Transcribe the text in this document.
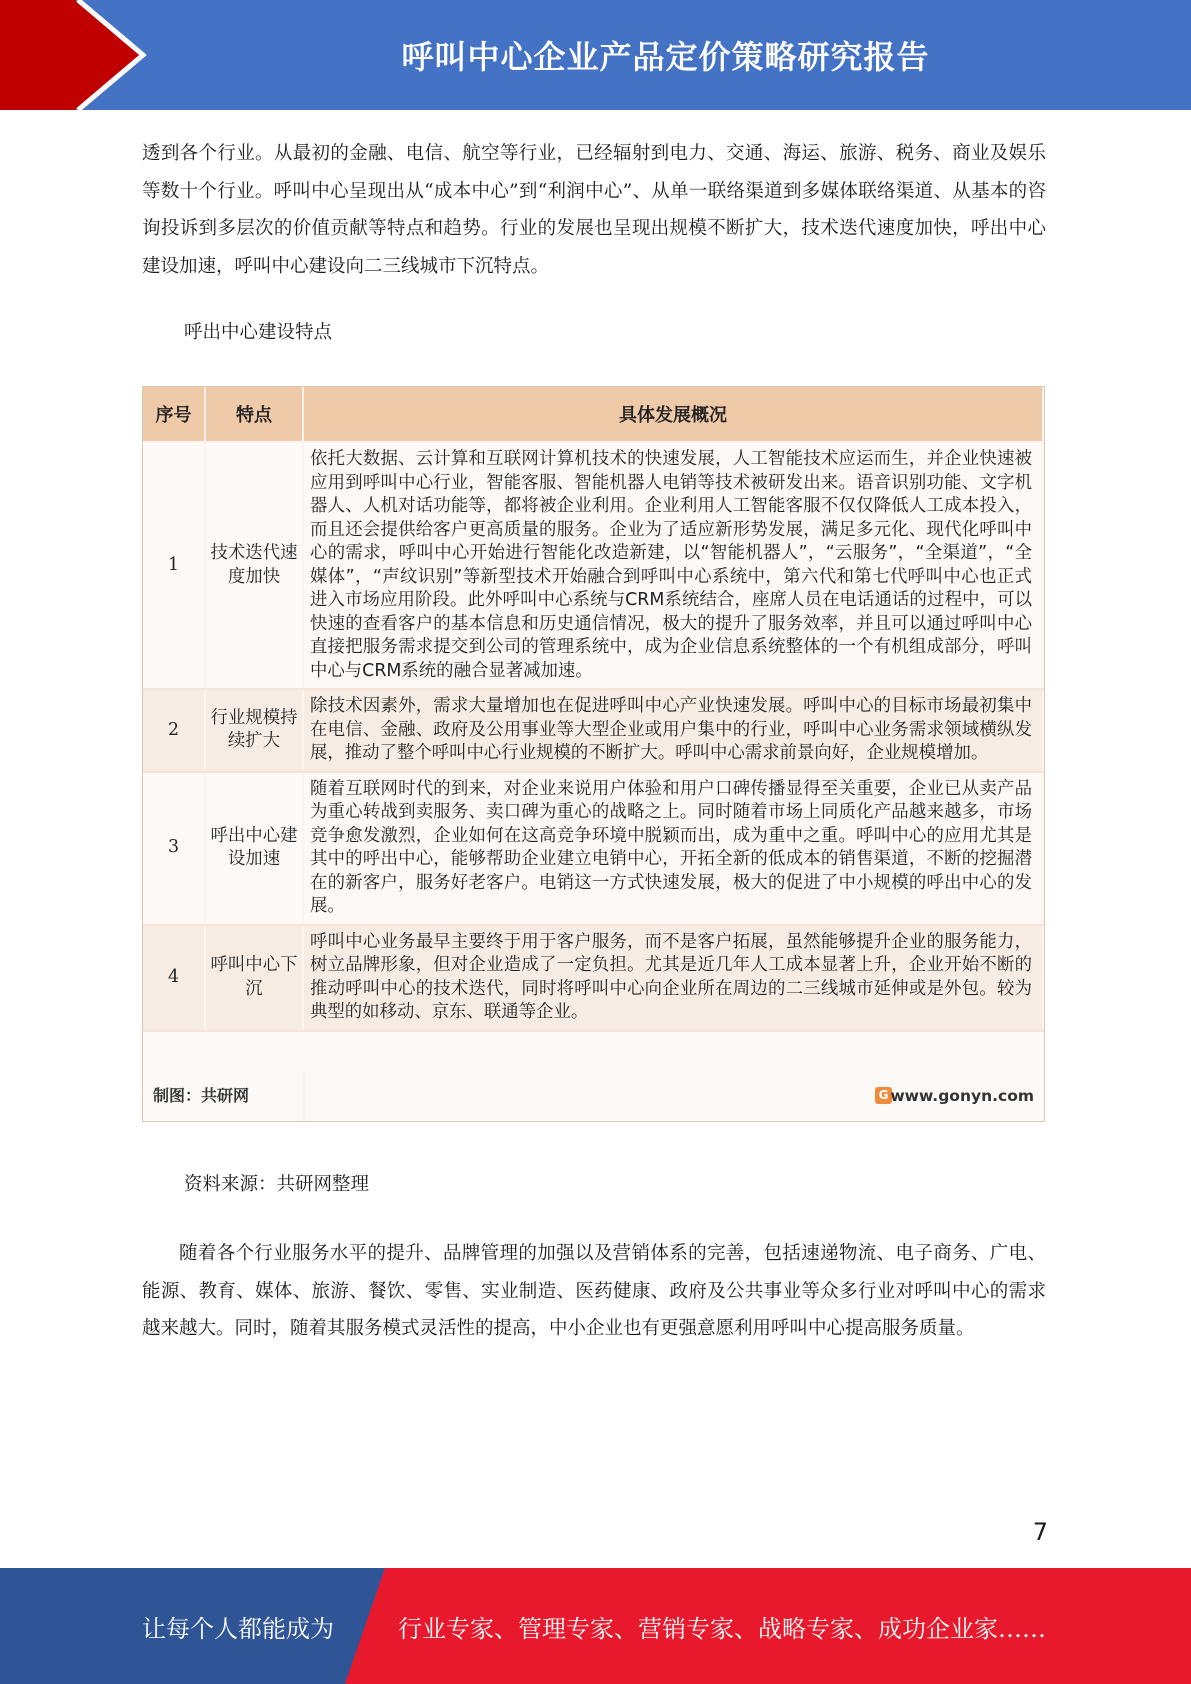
呼叫中心企业产品定价策略研究报告

透到各个行业。从最初的金融、电信、航空等行业，已经辐射到电力、交通、海运、旅游、税务、商业及娱乐等数十个行业。呼叫中心呈现出从“成本中心”到“利润中心”、从单一联络渠道到多媒体联络渠道、从基本的咨询投诉到多层次的价值贡献等特点和趋势。行业的发展也呈现出规模不断扩大，技术迭代速度加快，呼出中心建设加速，呼叫中心建设向二三线城市下沉特点。

呼出中心建设特点
序号	特点	具体发展概况
1	技术迭代速度加快	依托大数据、云计算和互联网计算机技术的快速发展，人工智能技术应运而生，并企业快速被应用到呼叫中心行业，智能客服、智能机器人电销等技术被研发出来。语音识别功能、文字机器人、人机对话功能等，都将被企业利用。企业利用人工智能客服不仅仅降低人工成本投入，而且还会提供给客户更高质量的服务。企业为了适应新形势发展，满足多元化、现代化呼叫中心的需求，呼叫中心开始进行智能化改造新建，以“智能机器人”，“云服务”，“全渠道”，“全媒体”，“声纹识别”等新型技术开始融合到呼叫中心系统中，第六代和第七代呼叫中心也正式进入市场应用阶段。此外呼叫中心系统与CRM系统结合，座席人员在电话通话的过程中，可以快速的查看客户的基本信息和历史通信情况，极大的提升了服务效率，并且可以通过呼叫中心直接把服务需求提交到公司的管理系统中，成为企业信息系统整体的一个有机组成部分，呼叫中心与CRM系统的融合显著减加速。
2	行业规模持续扩大	除技术因素外，需求大量增加也在促进呼叫中心产业快速发展。呼叫中心的目标市场最初集中在电信、金融、政府及公用事业等大型企业或用户集中的行业，呼叫中心业务需求领域横纵发展，推动了整个呼叫中心行业规模的不断扩大。呼叫中心需求前景向好，企业规模增加。
3	呼出中心建设加速	随着互联网时代的到来，对企业来说用户体验和用户口碑传播显得至关重要，企业已从卖产品为重心转战到卖服务、卖口碑为重心的战略之上。同时随着市场上同质化产品越来越多，市场竞争愈发激烈，企业如何在这高竞争环境中脱颖而出，成为重中之重。呼叫中心的应用尤其是其中的呼出中心，能够帮助企业建立电销中心，开拓全新的低成本的销售渠道，不断的挖掘潜在的新客户，服务好老客户。电销这一方式快速发展，极大的促进了中小规模的呼出中心的发展。
4	呼叫中心下沉	呼叫中心业务最早主要终于用于客户服务，而不是客户拓展，虽然能够提升企业的服务能力，树立品牌形象，但对企业造成了一定负担。尤其是近几年人工成本显著上升，企业开始不断的推动呼叫中心的技术迭代，同时将呼叫中心向企业所在周边的二三线城市延伸或是外包。较为典型的如移动、京东、联通等企业。
制图：共研网	G www.gonyn.com
资料来源：共研网整理

随着各个行业服务水平的提升、品牌管理的加强以及营销体系的完善，包括速递物流、电子商务、广电、能源、教育、媒体、旅游、餐饮、零售、实业制造、医药健康、政府及公共事业等众多行业对呼叫中心的需求越来越大。同时，随着其服务模式灵活性的提高，中小企业也有更强意愿利用呼叫中心提高服务质量。

7
让每个人都能成为	行业专家、管理专家、营销专家、战略专家、成功企业家……
